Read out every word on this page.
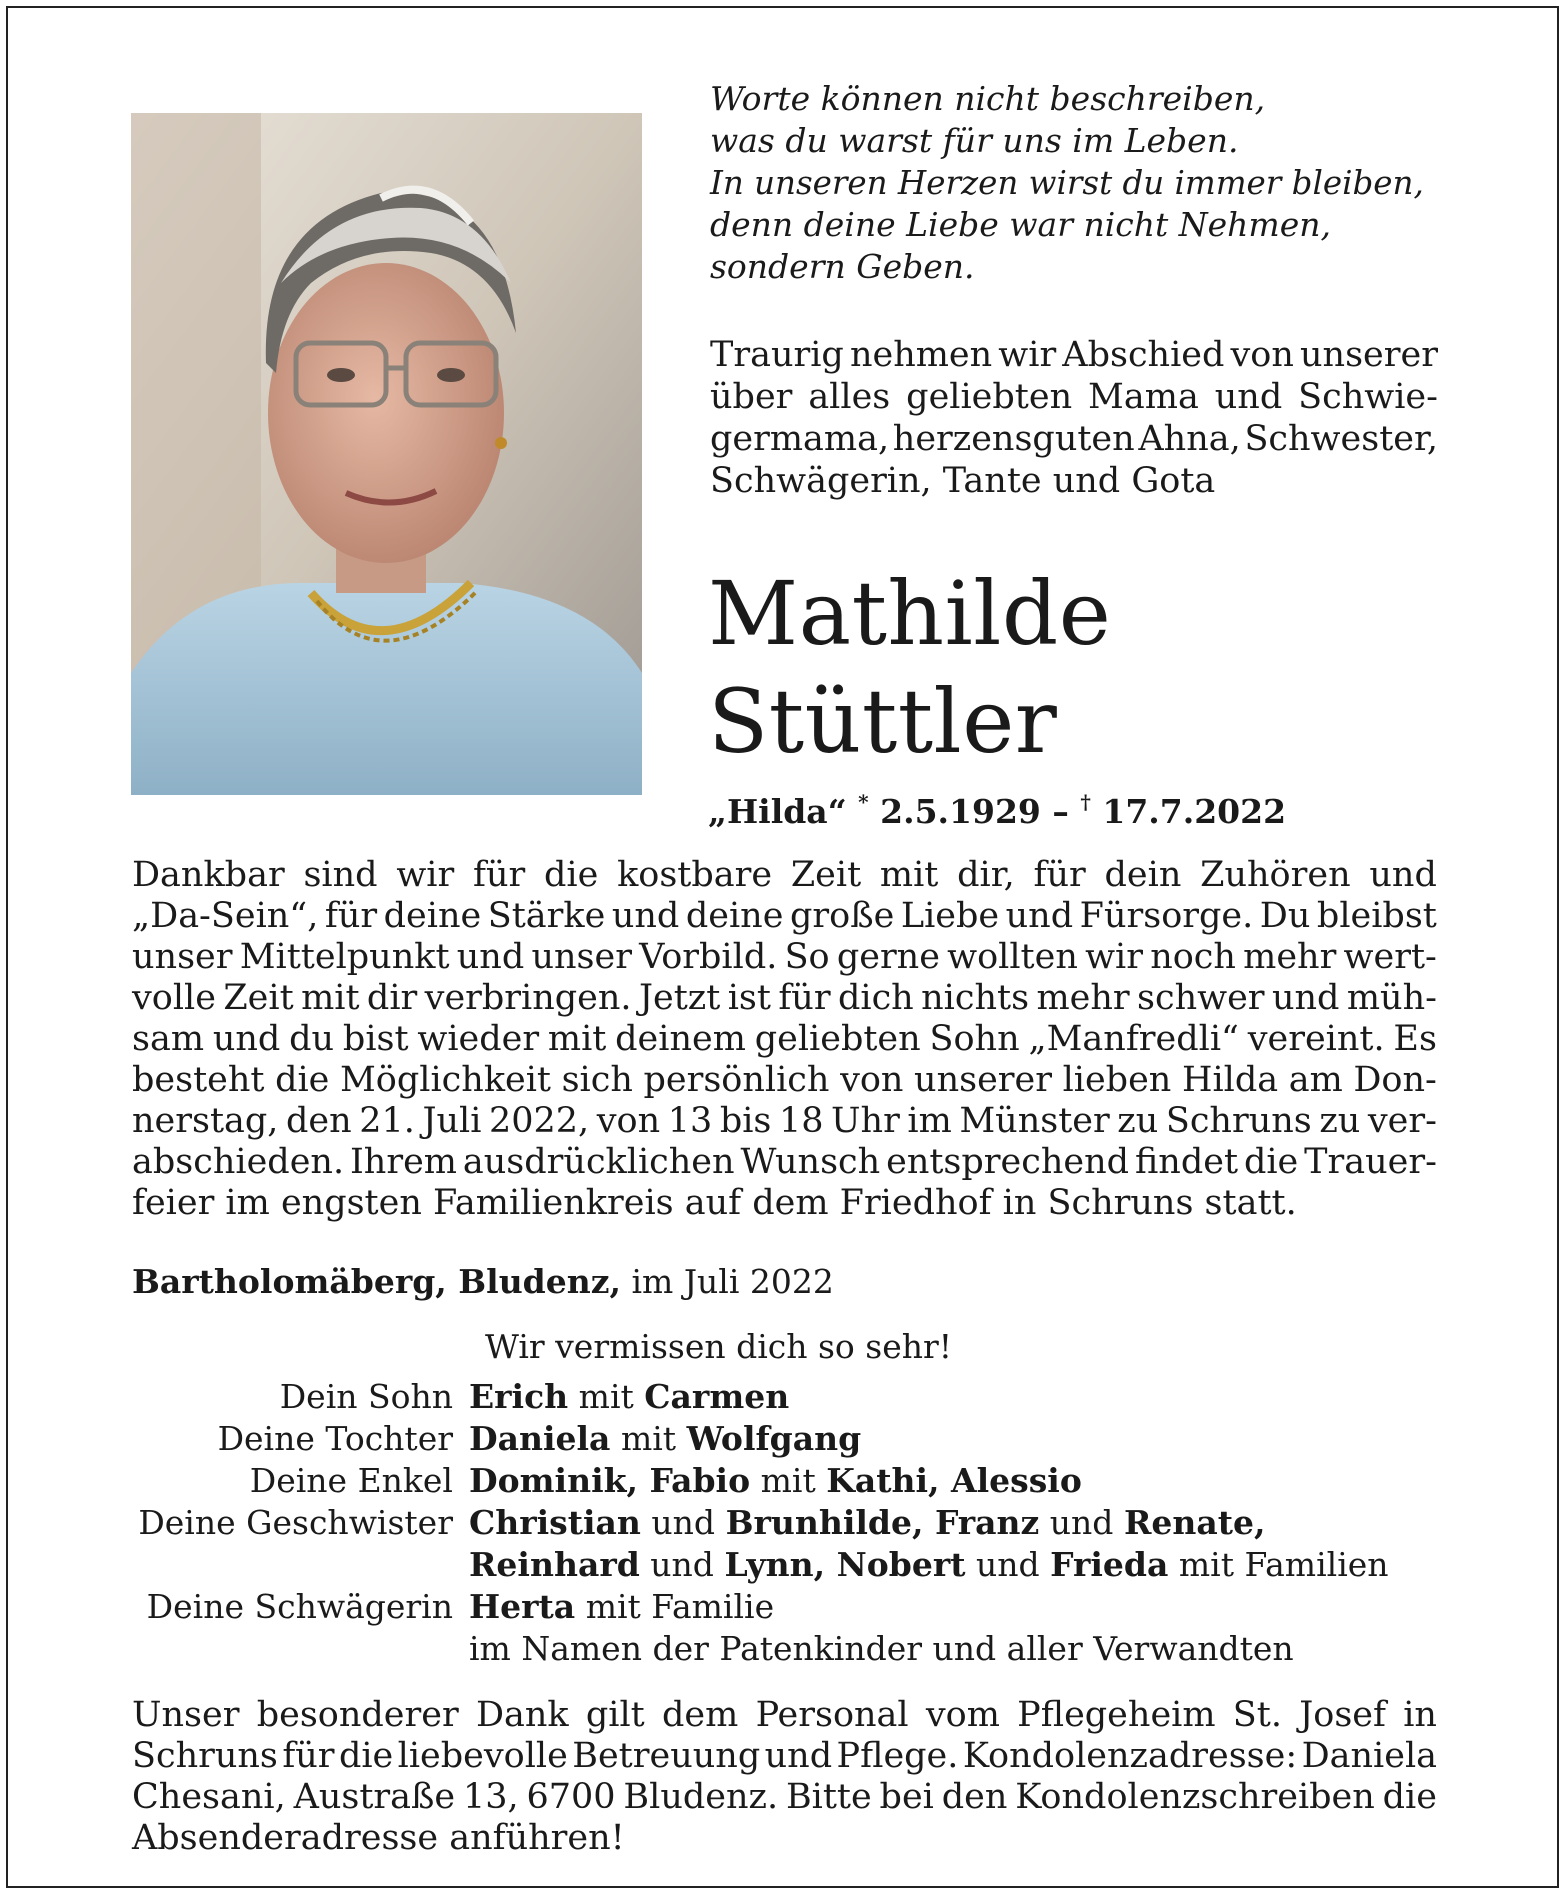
Worte können nicht beschreiben,
was du warst für uns im Leben.
In unseren Herzen wirst du immer bleiben,
denn deine Liebe war nicht Nehmen,
sondern Geben.
Traurig nehmen wir Abschied von unserer
über alles geliebten Mama und Schwie-
germama, herzensguten Ahna, Schwester,
Schwägerin, Tante und Gota
Mathilde
Stüttler
„Hilda“ * 2.5.1929 – † 17.7.2022
Dankbar sind wir für die kostbare Zeit mit dir, für dein Zuhören und
„Da-Sein“, für deine Stärke und deine große Liebe und Fürsorge. Du bleibst
unser Mittelpunkt und unser Vorbild. So gerne wollten wir noch mehr wert-
volle Zeit mit dir verbringen. Jetzt ist für dich nichts mehr schwer und müh-
sam und du bist wieder mit deinem geliebten Sohn „Manfredli“ vereint. Es
besteht die Möglichkeit sich persönlich von unserer lieben Hilda am Don-
nerstag, den 21. Juli 2022, von 13 bis 18 Uhr im Münster zu Schruns zu ver-
abschieden. Ihrem ausdrücklichen Wunsch entsprechend findet die Trauer-
feier im engsten Familienkreis auf dem Friedhof in Schruns statt.
Bartholomäberg, Bludenz, im Juli 2022
Wir vermissen dich so sehr!
Dein Sohn Erich mit Carmen
Deine Tochter Daniela mit Wolfgang
Deine Enkel Dominik, Fabio mit Kathi, Alessio
Deine Geschwister Christian und Brunhilde, Franz und Renate,
Reinhard und Lynn, Nobert und Frieda mit Familien
Deine Schwägerin Herta mit Familie
im Namen der Patenkinder und aller Verwandten
Unser besonderer Dank gilt dem Personal vom Pflegeheim St. Josef in
Schruns für die liebevolle Betreuung und Pflege. Kondolenzadresse: Daniela
Chesani, Austraße 13, 6700 Bludenz. Bitte bei den Kondolenzschreiben die
Absenderadresse anführen!
